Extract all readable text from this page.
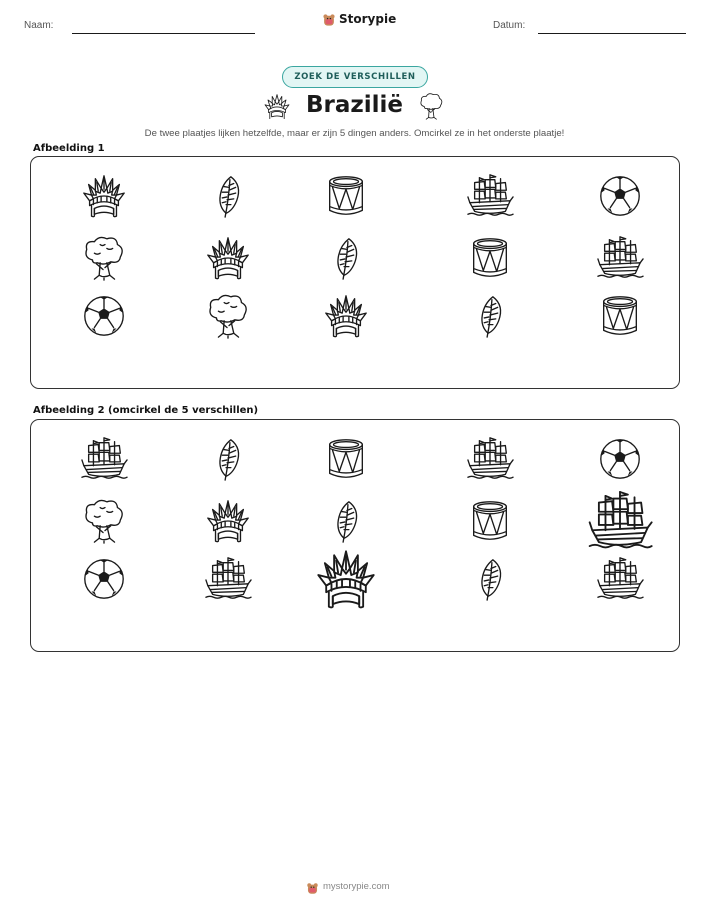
Naam:	Storypie	Datum:
ZOEK DE VERSCHILLEN
Brazilië
De twee plaatjes lijken hetzelfde, maar er zijn 5 dingen anders. Omcirkel ze in het onderste plaatje!
Afbeelding 1
Afbeelding 2 (omcirkel de 5 verschillen)
mystorypie.com
